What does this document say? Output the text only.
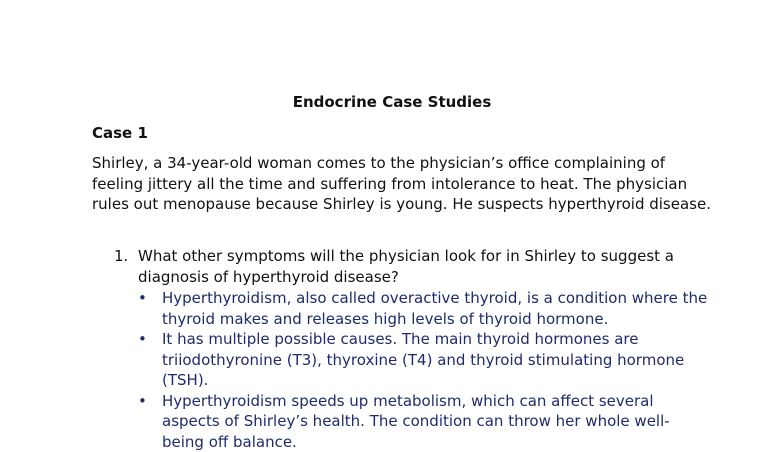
Endocrine Case Studies
Case 1

Shirley, a 34-year-old woman comes to the physician’s office complaining of feeling jittery all the time and suffering from intolerance to heat. The physician rules out menopause because Shirley is young. He suspects hyperthyroid disease.

1. What other symptoms will the physician look for in Shirley to suggest a diagnosis of hyperthyroid disease?
• Hyperthyroidism, also called overactive thyroid, is a condition where the thyroid makes and releases high levels of thyroid hormone.
• It has multiple possible causes. The main thyroid hormones are triiodothyronine (T3), thyroxine (T4) and thyroid stimulating hormone (TSH).
• Hyperthyroidism speeds up metabolism, which can affect several aspects of Shirley’s health. The condition can throw her whole well-being off balance.
